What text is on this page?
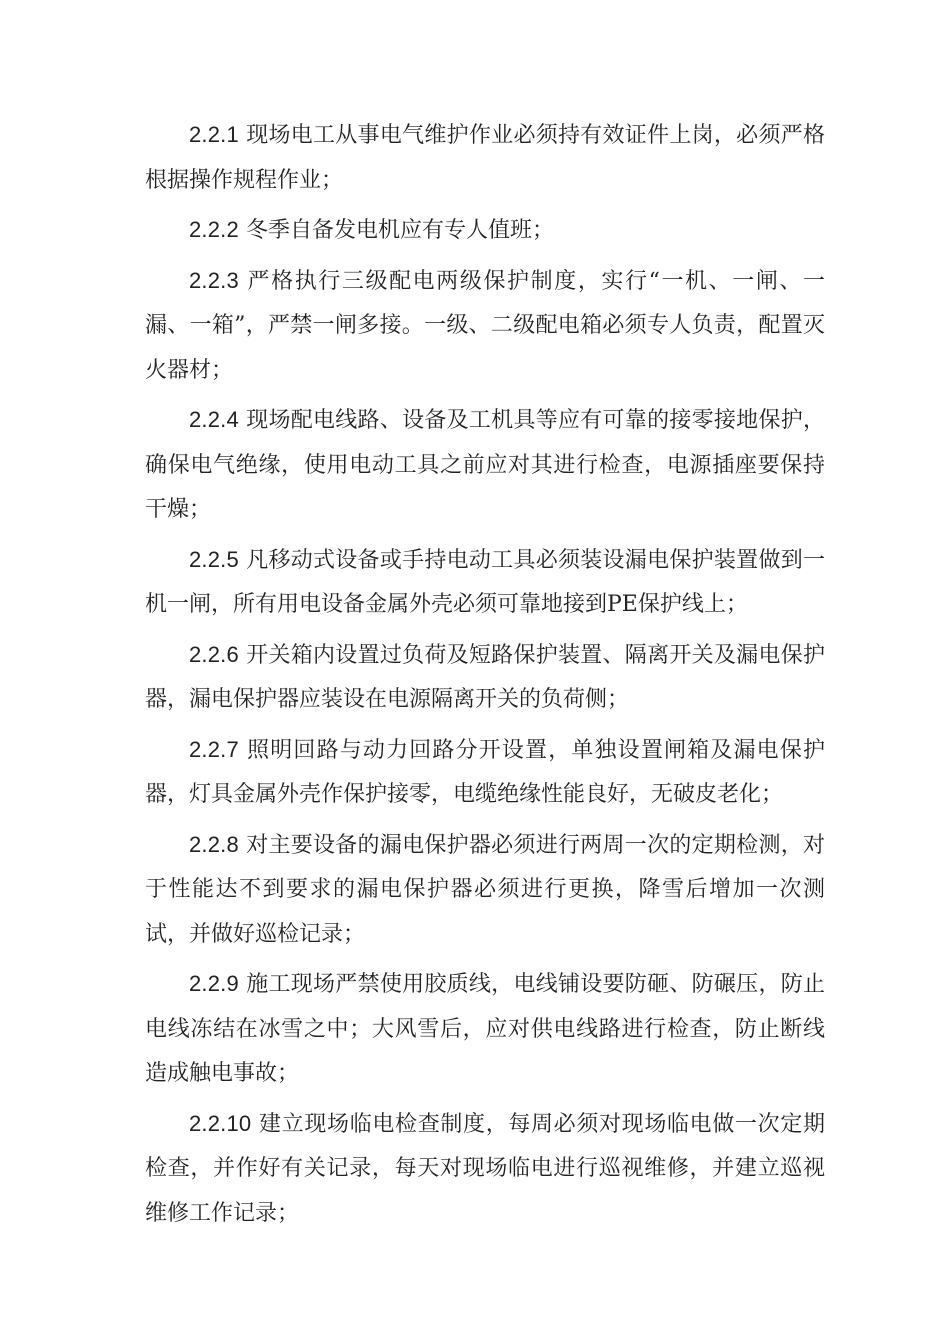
2.2.1 现场电工从事电气维护作业必须持有效证件上岗，必须严格根据操作规程作业；

2.2.2 冬季自备发电机应有专人值班；

2.2.3 严格执行三级配电两级保护制度，实行“一机、一闸、一漏、一箱”，严禁一闸多接。一级、二级配电箱必须专人负责，配置灭火器材；

2.2.4 现场配电线路、设备及工机具等应有可靠的接零接地保护，确保电气绝缘，使用电动工具之前应对其进行检查，电源插座要保持干燥；

2.2.5 凡移动式设备或手持电动工具必须装设漏电保护装置做到一机一闸，所有用电设备金属外壳必须可靠地接到PE保护线上；

2.2.6 开关箱内设置过负荷及短路保护装置、隔离开关及漏电保护器，漏电保护器应装设在电源隔离开关的负荷侧；

2.2.7 照明回路与动力回路分开设置，单独设置闸箱及漏电保护器，灯具金属外壳作保护接零，电缆绝缘性能良好，无破皮老化；

2.2.8 对主要设备的漏电保护器必须进行两周一次的定期检测，对于性能达不到要求的漏电保护器必须进行更换，降雪后增加一次测试，并做好巡检记录；

2.2.9 施工现场严禁使用胶质线，电线铺设要防砸、防碾压，防止电线冻结在冰雪之中；大风雪后，应对供电线路进行检查，防止断线造成触电事故；

2.2.10 建立现场临电检查制度，每周必须对现场临电做一次定期检查，并作好有关记录，每天对现场临电进行巡视维修，并建立巡视维修工作记录；
